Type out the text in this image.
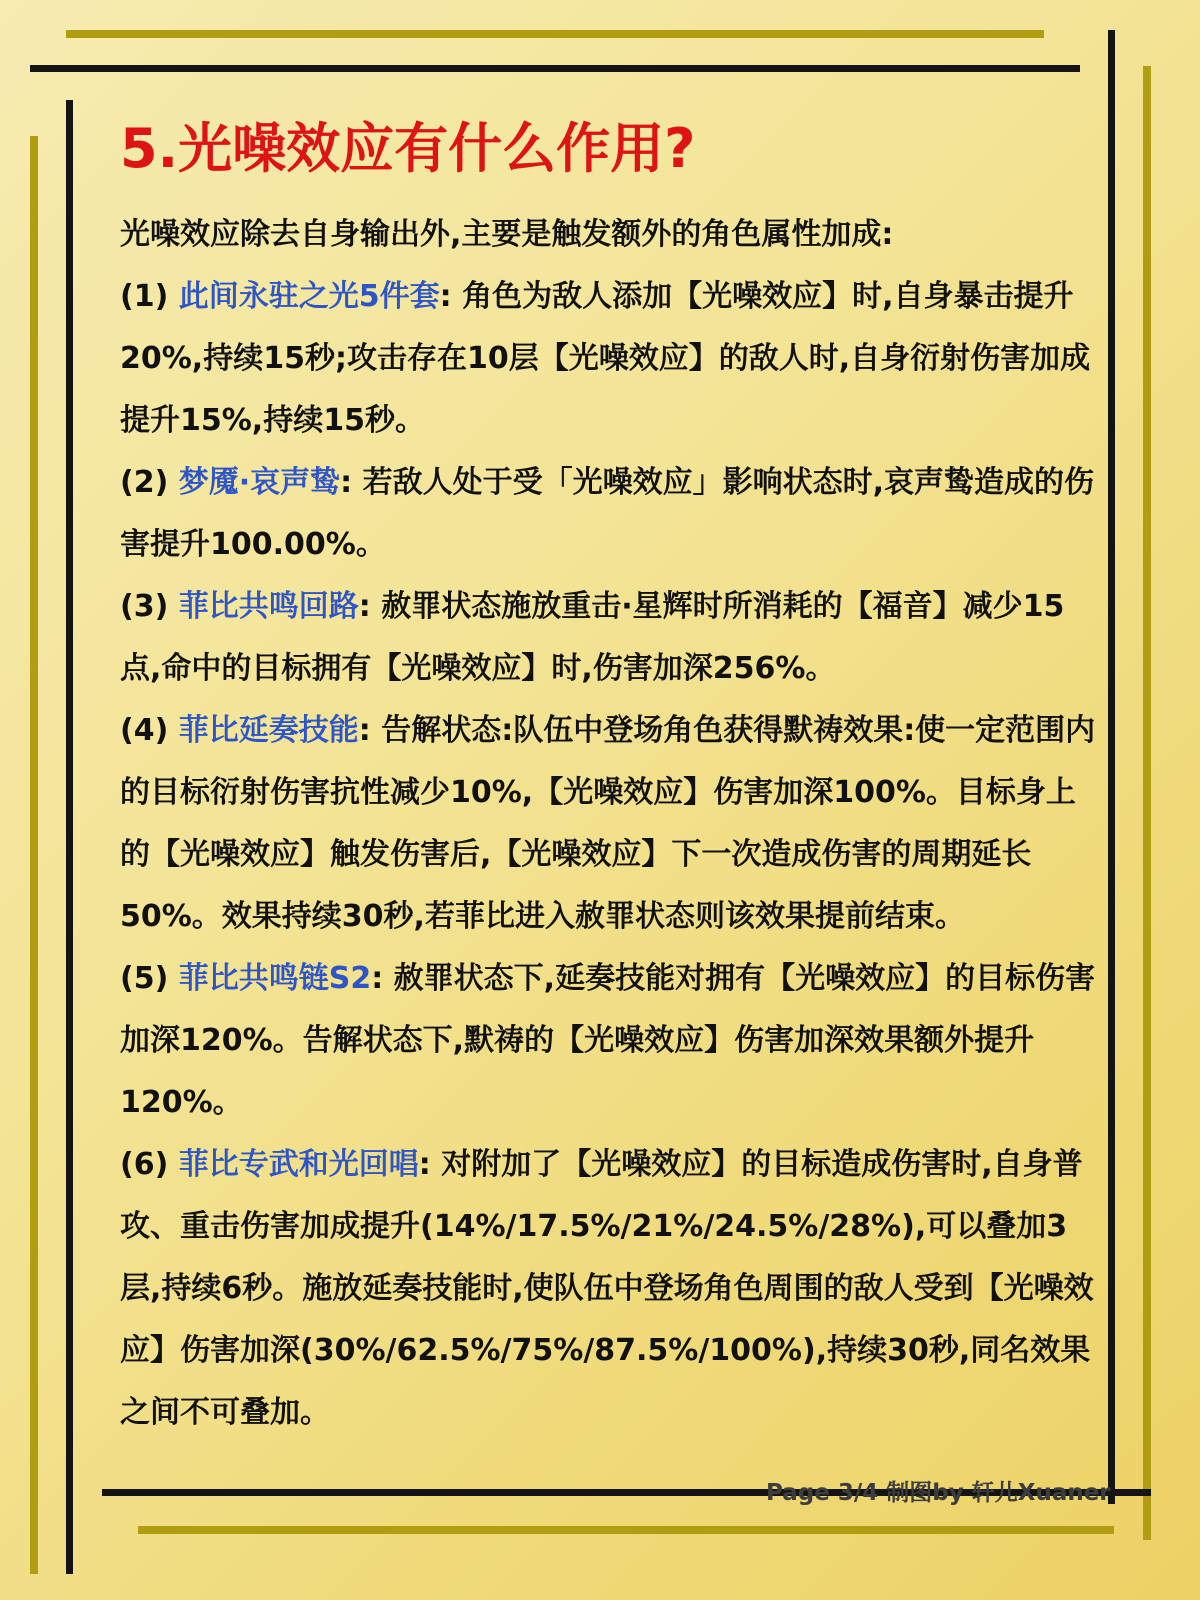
5.光噪效应有什么作用?

光噪效应除去自身输出外,主要是触发额外的角色属性加成:

(1) 此间永驻之光5件套: 角色为敌人添加【光噪效应】时,自身暴击提升20%,持续15秒;攻击存在10层【光噪效应】的敌人时,自身衍射伤害加成提升15%,持续15秒。

(2) 梦魇·哀声鸷: 若敌人处于受「光噪效应」影响状态时,哀声鸷造成的伤害提升100.00%。

(3) 菲比共鸣回路: 赦罪状态施放重击·星辉时所消耗的【福音】减少15点,命中的目标拥有【光噪效应】时,伤害加深256%。

(4) 菲比延奏技能: 告解状态:队伍中登场角色获得默祷效果:使一定范围内的目标衍射伤害抗性减少10%,【光噪效应】伤害加深100%。目标身上的【光噪效应】触发伤害后,【光噪效应】下一次造成伤害的周期延长50%。效果持续30秒,若菲比进入赦罪状态则该效果提前结束。

(5) 菲比共鸣链S2: 赦罪状态下,延奏技能对拥有【光噪效应】的目标伤害加深120%。告解状态下,默祷的【光噪效应】伤害加深效果额外提升120%。

(6) 菲比专武和光回唱: 对附加了【光噪效应】的目标造成伤害时,自身普攻、重击伤害加成提升(14%/17.5%/21%/24.5%/28%),可以叠加3层,持续6秒。施放延奏技能时,使队伍中登场角色周围的敌人受到【光噪效应】伤害加深(30%/62.5%/75%/87.5%/100%),持续30秒,同名效果之间不可叠加。

Page 3/4 制图by 轩儿Xuaner
